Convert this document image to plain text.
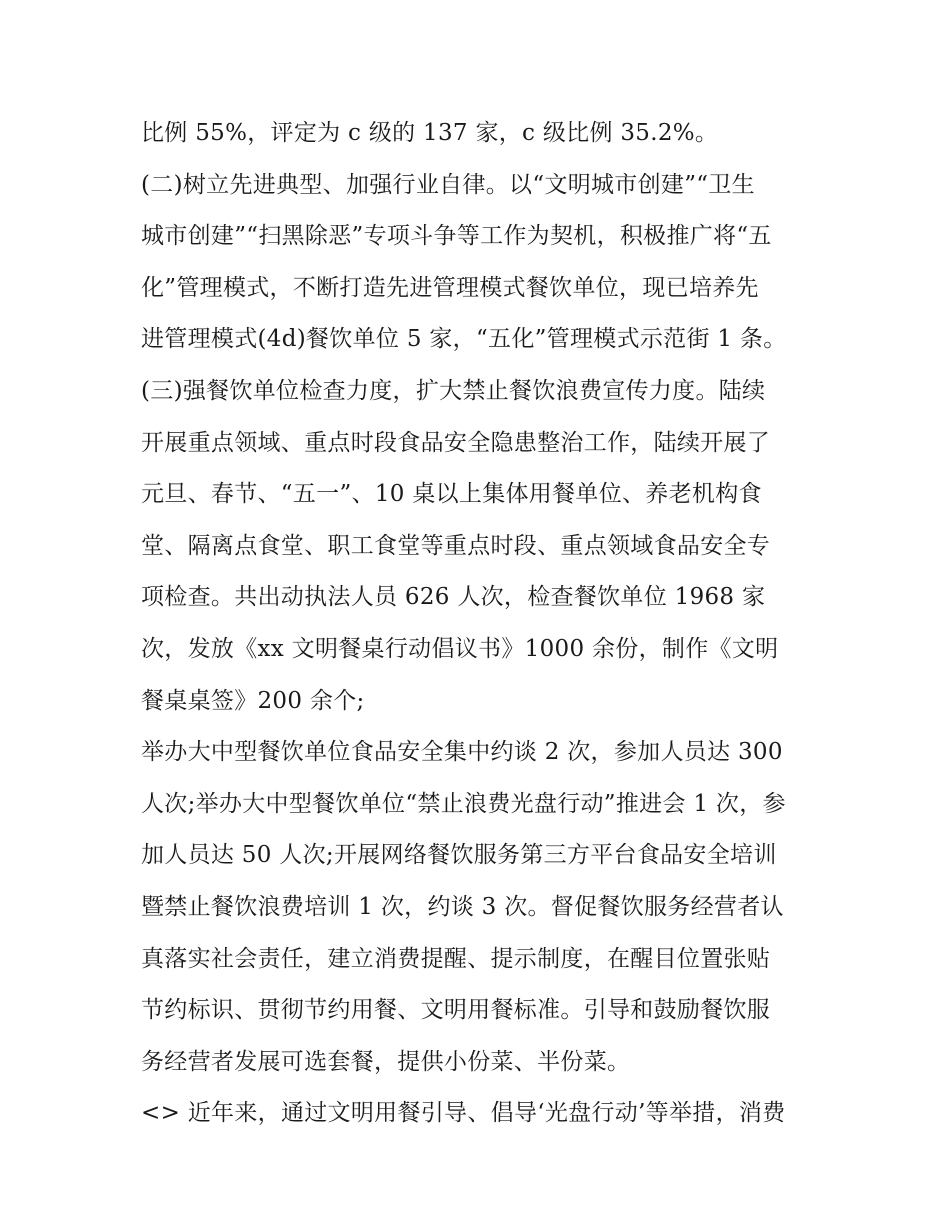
比例 55%，评定为 c 级的 137 家，c 级比例 35.2%。
(二)树立先进典型、加强行业自律。以“文明城市创建”“卫生
城市创建”“扫黑除恶”专项斗争等工作为契机，积极推广将“五
化”管理模式，不断打造先进管理模式餐饮单位，现已培养先
进管理模式(4d)餐饮单位 5 家，“五化”管理模式示范街 1 条。
(三)强餐饮单位检查力度，扩大禁止餐饮浪费宣传力度。陆续
开展重点领域、重点时段食品安全隐患整治工作，陆续开展了
元旦、春节、“五一”、10 桌以上集体用餐单位、养老机构食
堂、隔离点食堂、职工食堂等重点时段、重点领域食品安全专
项检查。共出动执法人员 626 人次，检查餐饮单位 1968 家
次，发放《xx 文明餐桌行动倡议书》1000 余份，制作《文明
餐桌桌签》200 余个;
举办大中型餐饮单位食品安全集中约谈 2 次，参加人员达 300
人次;举办大中型餐饮单位“禁止浪费光盘行动”推进会 1 次，参
加人员达 50 人次;开展网络餐饮服务第三方平台食品安全培训
暨禁止餐饮浪费培训 1 次，约谈 3 次。督促餐饮服务经营者认
真落实社会责任，建立消费提醒、提示制度，在醒目位置张贴
节约标识、贯彻节约用餐、文明用餐标准。引导和鼓励餐饮服
务经营者发展可选套餐，提供小份菜、半份菜。
<> 近年来，通过文明用餐引导、倡导‘光盘行动’等举措，消费
